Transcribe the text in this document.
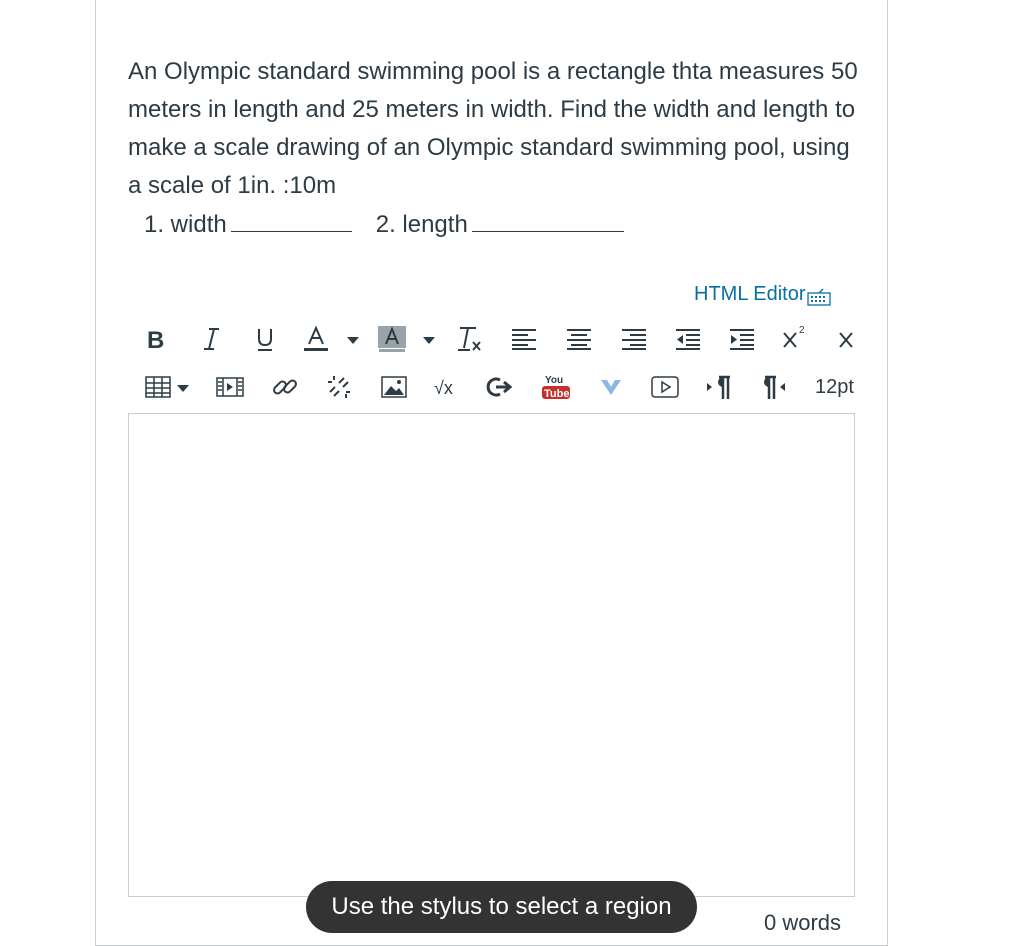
An Olympic standard swimming pool is a rectangle thta measures 50 meters in length and 25 meters in width. Find the width and length to make a scale drawing of an Olympic standard swimming pool, using a scale of 1in. :10m
1. width	2. length
HTML Editor
B	2
√x	You
Tube	12pt
Use the stylus to select a region
0 words
